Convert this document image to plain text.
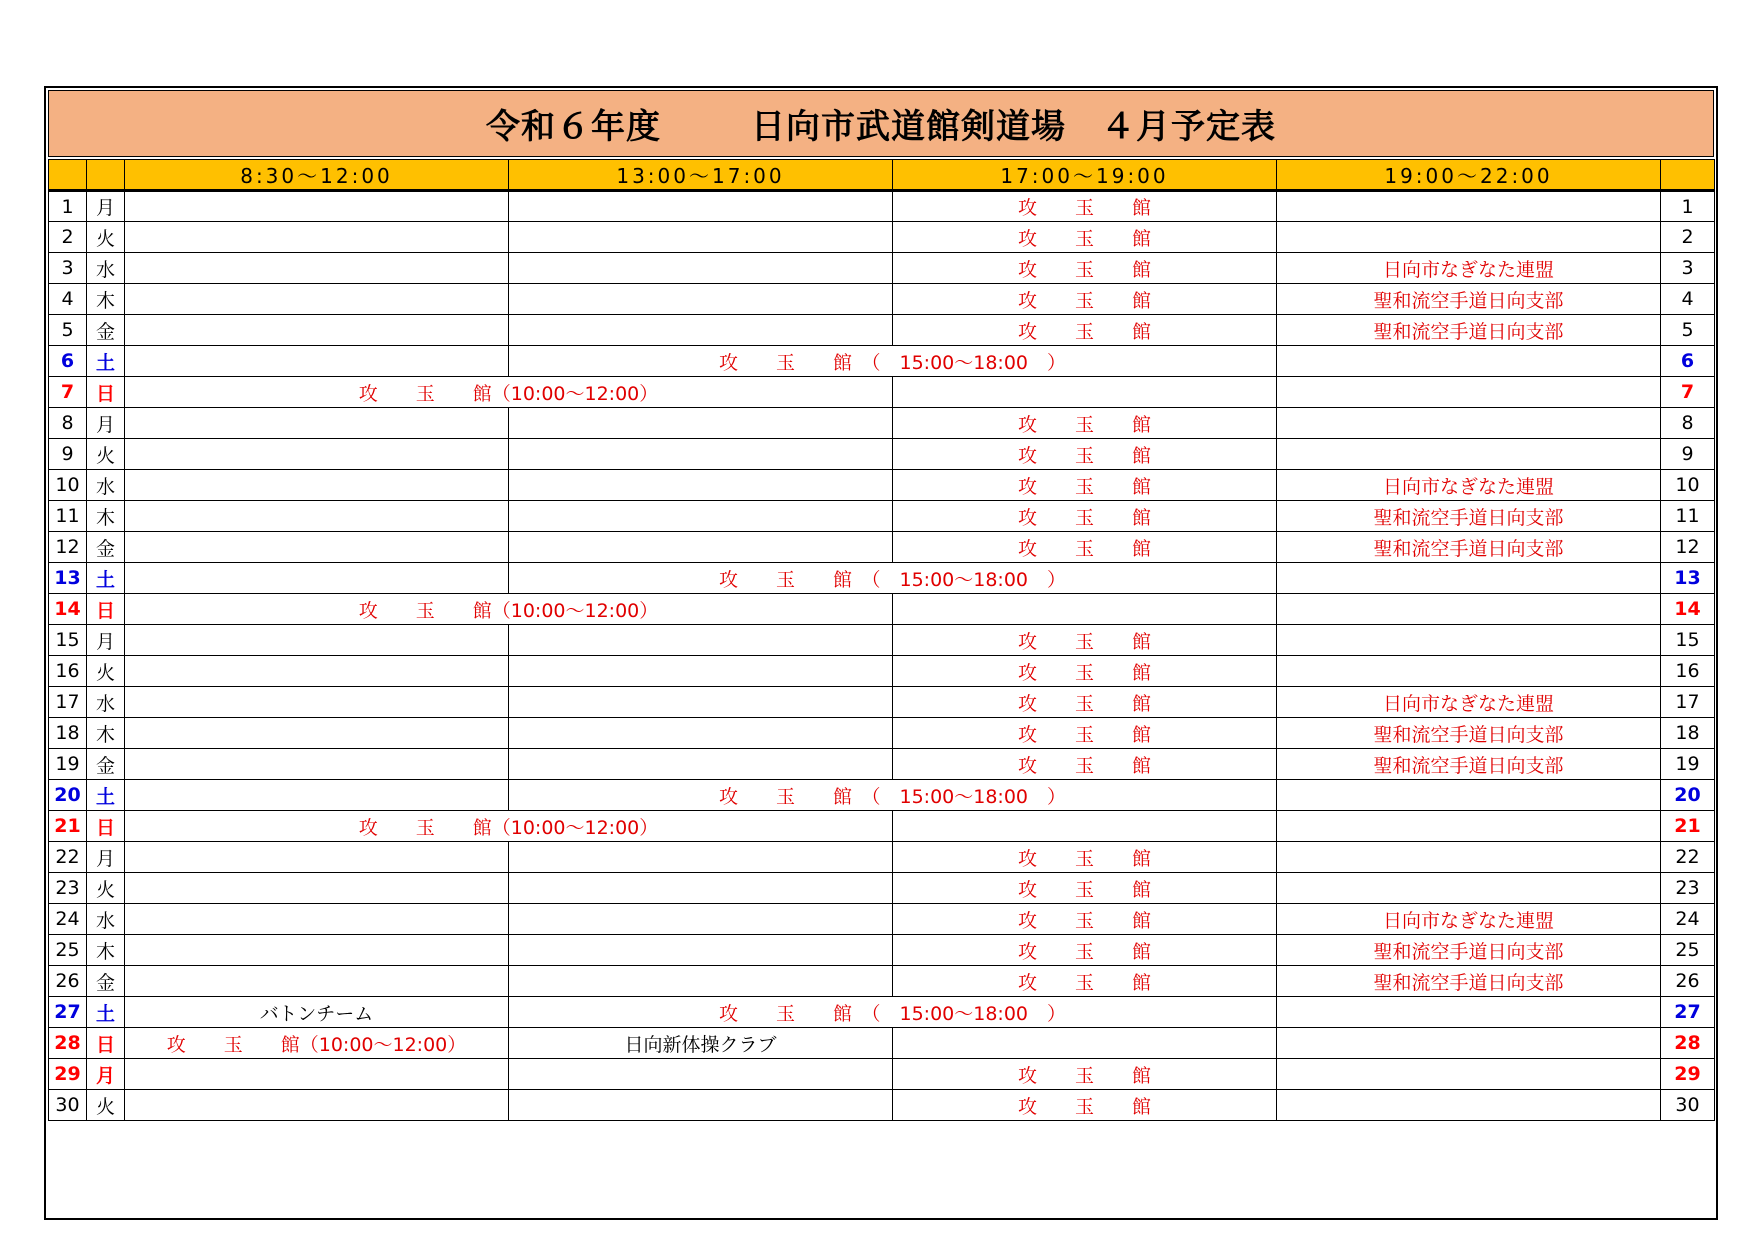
令和６年度	日向市武道館剣道場　４月予定表
		8:30～12:00	13:00～17:00	17:00～19:00	19:00～22:00	
1	月			攻　　玉　　館		1
2	火			攻　　玉　　館		2
3	水			攻　　玉　　館	日向市なぎなた連盟	3
4	木			攻　　玉　　館	聖和流空手道日向支部	4
5	金			攻　　玉　　館	聖和流空手道日向支部	5
6	土		攻　　玉　　館　（　15:00～18:00　）			6
7	日	攻　　玉　　館（10:00～12:00）				7
8	月			攻　　玉　　館		8
9	火			攻　　玉　　館		9
10	水			攻　　玉　　館	日向市なぎなた連盟	10
11	木			攻　　玉　　館	聖和流空手道日向支部	11
12	金			攻　　玉　　館	聖和流空手道日向支部	12
13	土		攻　　玉　　館　（　15:00～18:00　）			13
14	日	攻　　玉　　館（10:00～12:00）				14
15	月			攻　　玉　　館		15
16	火			攻　　玉　　館		16
17	水			攻　　玉　　館	日向市なぎなた連盟	17
18	木			攻　　玉　　館	聖和流空手道日向支部	18
19	金			攻　　玉　　館	聖和流空手道日向支部	19
20	土		攻　　玉　　館　（　15:00～18:00　）			20
21	日	攻　　玉　　館（10:00～12:00）				21
22	月			攻　　玉　　館		22
23	火			攻　　玉　　館		23
24	水			攻　　玉　　館	日向市なぎなた連盟	24
25	木			攻　　玉　　館	聖和流空手道日向支部	25
26	金			攻　　玉　　館	聖和流空手道日向支部	26
27	土	バトンチーム	攻　　玉　　館　（　15:00～18:00　）			27
28	日	攻　　玉　　館（10:00～12:00）	日向新体操クラブ			28
29	月			攻　　玉　　館		29
30	火			攻　　玉　　館		30
